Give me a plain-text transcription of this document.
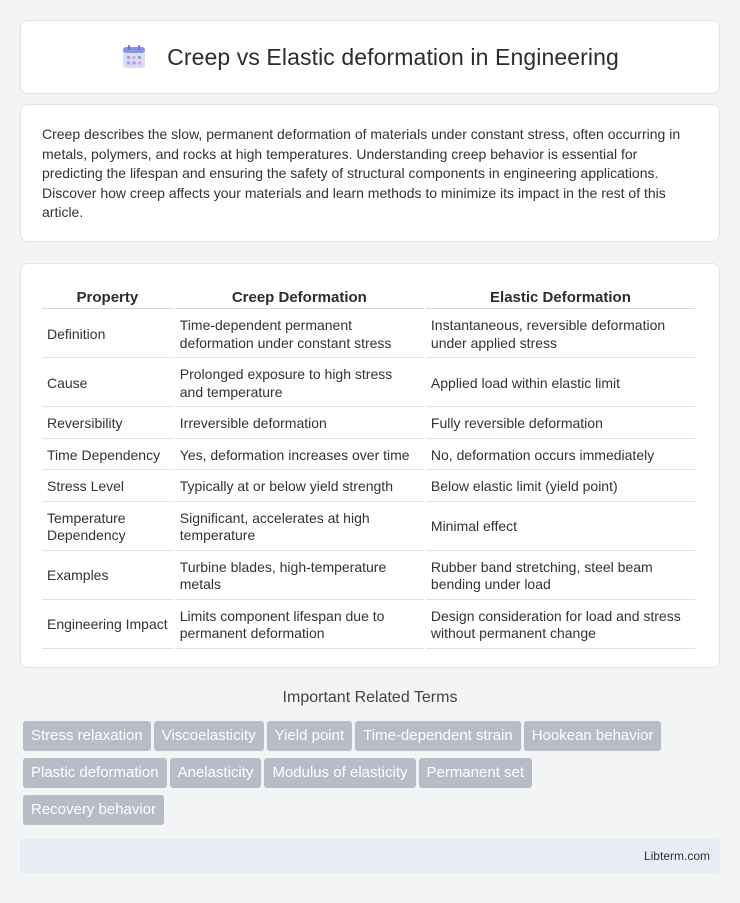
Creep vs Elastic deformation in Engineering

Creep describes the slow, permanent deformation of materials under constant stress, often occurring in metals, polymers, and rocks at high temperatures. Understanding creep behavior is essential for predicting the lifespan and ensuring the safety of structural components in engineering applications. Discover how creep affects your materials and learn methods to minimize its impact in the rest of this article.

Property	Creep Deformation	Elastic Deformation
Definition	Time-dependent permanent deformation under constant stress	Instantaneous, reversible deformation under applied stress
Cause	Prolonged exposure to high stress and temperature	Applied load within elastic limit
Reversibility	Irreversible deformation	Fully reversible deformation
Time Dependency	Yes, deformation increases over time	No, deformation occurs immediately
Stress Level	Typically at or below yield strength	Below elastic limit (yield point)
Temperature Dependency	Significant, accelerates at high temperature	Minimal effect
Examples	Turbine blades, high-temperature metals	Rubber band stretching, steel beam bending under load
Engineering Impact	Limits component lifespan due to permanent deformation	Design consideration for load and stress without permanent change
Important Related Terms
Stress relaxation Viscoelasticity Yield point Time-dependent strain Hookean behavior
Plastic deformation Anelasticity Modulus of elasticity Permanent set
Recovery behavior
Libterm.com
